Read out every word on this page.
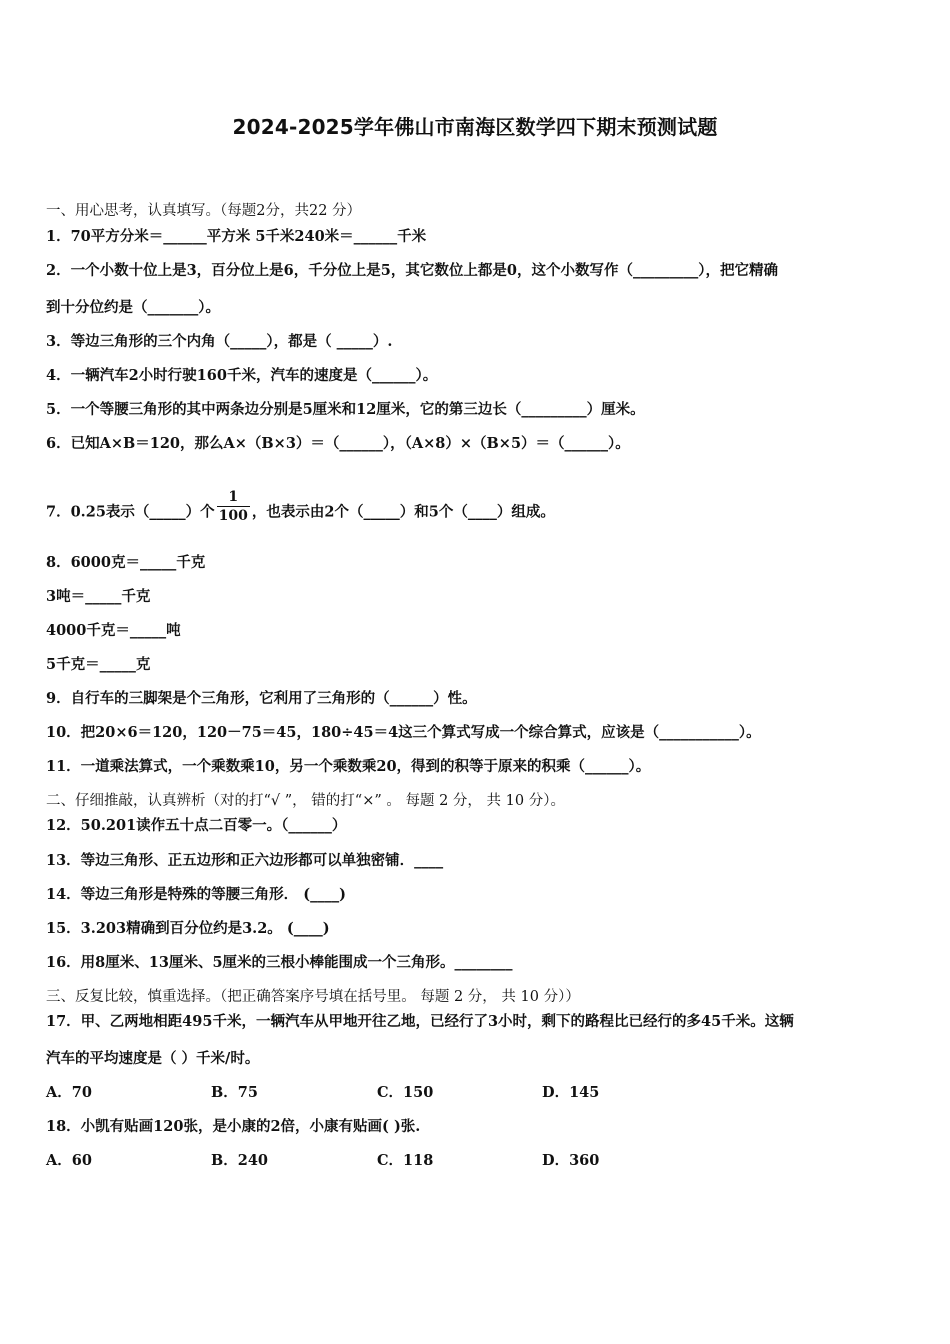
2024-2025学年佛山市南海区数学四下期末预测试题
一、用心思考，认真填写。（每题2分，共22 分）
1．70平方分米＝______平方米 5千米240米＝______千米
2．一个小数十位上是3，百分位上是6，千分位上是5，其它数位上都是0，这个小数写作（_________），把它精确
到十分位约是（_______）。
3．等边三角形的三个内角（_____），都是（ _____）.
4．一辆汽车2小时行驶160千米，汽车的速度是（______）。
5．一个等腰三角形的其中两条边分别是5厘米和12厘米，它的第三边长（_________）厘米。
6．已知A×B＝120，那么A×（B×3）＝（______），（A×8）×（B×5）＝（______）。
7．0.25表示（_____）个 $\frac{1}{100}$ ，也表示由2个（_____）和5个（____）组成。
8．6000克＝_____千克
3吨＝_____千克
4000千克＝_____吨
5千克＝_____克
9．自行车的三脚架是个三角形，它利用了三角形的（______）性。
10．把20×6＝120，120－75＝45，180÷45＝4这三个算式写成一个综合算式，应该是（___________）。
11．一道乘法算式，一个乘数乘10，另一个乘数乘20，得到的积等于原来的积乘（______）。
二、仔细推敲，认真辨析（对的打“√ ”， 错的打“×” 。 每题 2 分， 共 10 分）。
12．50.201读作五十点二百零一。（______）
13．等边三角形、正五边形和正六边形都可以单独密铺．____
14．等边三角形是特殊的等腰三角形． (____)
15．3.203精确到百分位约是3.2。 (____)
16．用8厘米、13厘米、5厘米的三根小棒能围成一个三角形。________
三、反复比较，慎重选择。（把正确答案序号填在括号里。 每题 2 分， 共 10 分））
17．甲、乙两地相距495千米，一辆汽车从甲地开往乙地，已经行了3小时，剩下的路程比已经行的多45千米。这辆
汽车的平均速度是（ ）千米/时。
A．70	B．75	C．150	D．145
18．小凯有贴画120张，是小康的2倍，小康有贴画( )张.
A．60	B．240	C．118	D．360
